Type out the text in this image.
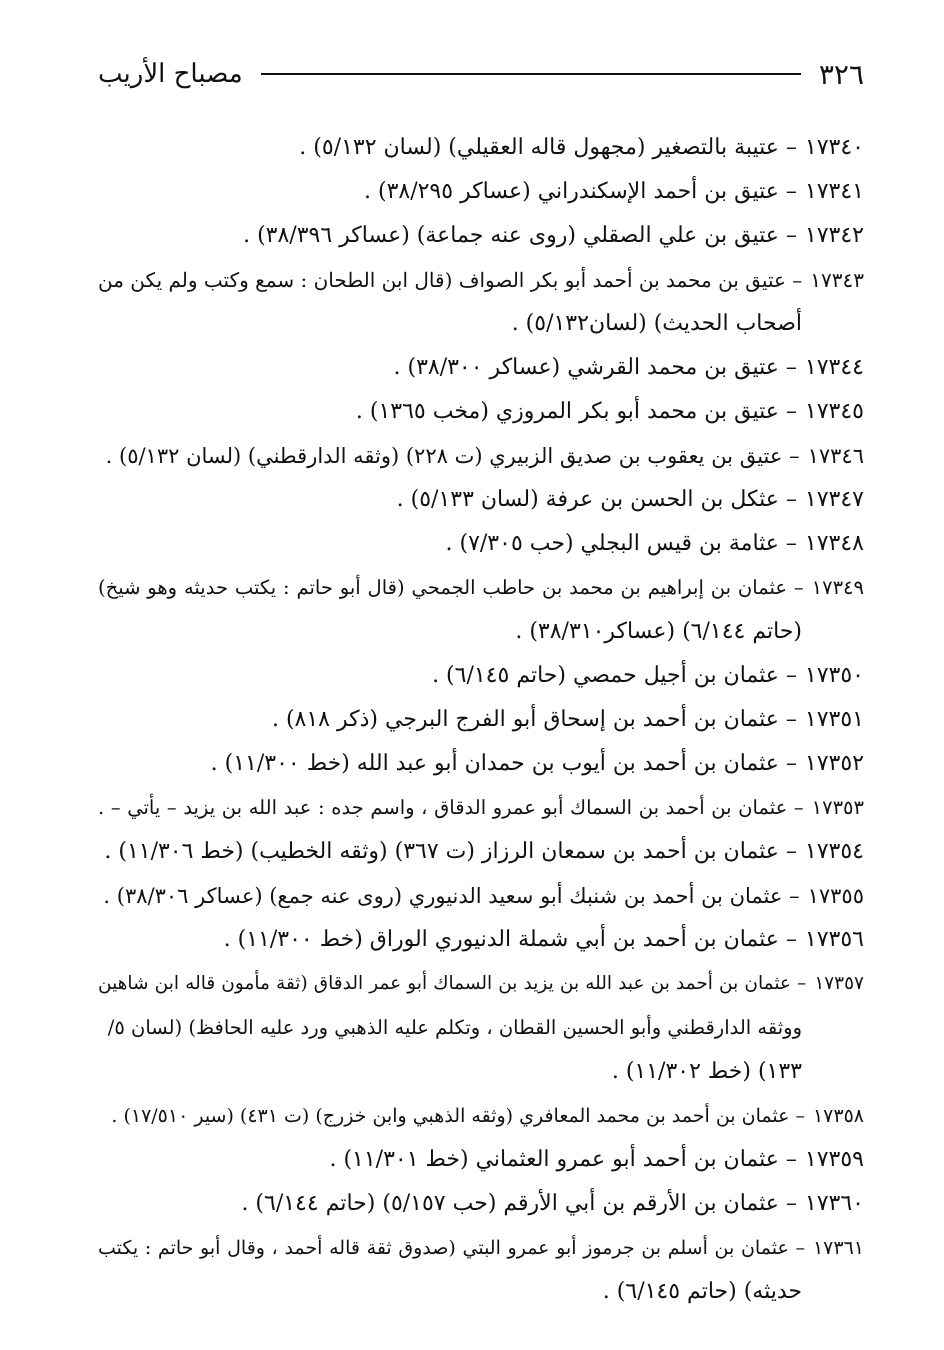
٣٢٦
مصباح الأريب
١٧٣٤٠– عتيبة بالتصغير (مجهول قاله العقيلي) (لسان ٥/١٣٢) .
١٧٣٤١– عتيق بن أحمد الإسكندراني (عساكر ٣٨/٢٩٥) .
١٧٣٤٢– عتيق بن علي الصقلي (روى عنه جماعة) (عساكر ٣٨/٣٩٦) .
١٧٣٤٣– عتيق بن محمد بن أحمد أبو بكر الصواف (قال ابن الطحان : سمع وكتب ولم يكن من
أصحاب الحديث) (لسان٥/١٣٢) .
١٧٣٤٤– عتيق بن محمد القرشي (عساكر ٣٨/٣٠٠) .
١٧٣٤٥– عتيق بن محمد أبو بكر المروزي (مخب ١٣٦٥) .
١٧٣٤٦– عتيق بن يعقوب بن صديق الزبيري (ت ٢٢٨) (وثقه الدارقطني) (لسان ٥/١٣٢) .
١٧٣٤٧– عثكل بن الحسن بن عرفة (لسان ٥/١٣٣) .
١٧٣٤٨– عثامة بن قيس البجلي (حب ٧/٣٠٥) .
١٧٣٤٩– عثمان بن إبراهيم بن محمد بن حاطب الجمحي (قال أبو حاتم : يكتب حديثه وهو شيخ)
(حاتم ٦/١٤٤) (عساكر٣٨/٣١٠) .
١٧٣٥٠– عثمان بن أجيل حمصي (حاتم ٦/١٤٥) .
١٧٣٥١– عثمان بن أحمد بن إسحاق أبو الفرج البرجي (ذكر ٨١٨) .
١٧٣٥٢– عثمان بن أحمد بن أيوب بن حمدان أبو عبد الله (خط ١١/٣٠٠) .
١٧٣٥٣– عثمان بن أحمد بن السماك أبو عمرو الدقاق ، واسم جده : عبد الله بن يزيد – يأتي – .
١٧٣٥٤– عثمان بن أحمد بن سمعان الرزاز (ت ٣٦٧) (وثقه الخطيب) (خط ١١/٣٠٦) .
١٧٣٥٥– عثمان بن أحمد بن شنبك أبو سعيد الدنيوري (روى عنه جمع) (عساكر ٣٨/٣٠٦) .
١٧٣٥٦– عثمان بن أحمد بن أبي شملة الدنيوري الوراق (خط ١١/٣٠٠) .
١٧٣٥٧– عثمان بن أحمد بن عبد الله بن يزيد بن السماك أبو عمر الدقاق (ثقة مأمون قاله ابن شاهين
ووثقه الدارقطني وأبو الحسين القطان ، وتكلم عليه الذهبي ورد عليه الحافظ) (لسان ٥/
١٣٣) (خط ١١/٣٠٢) .
١٧٣٥٨– عثمان بن أحمد بن محمد المعافري (وثقه الذهبي وابن خزرج) (ت ٤٣١) (سير ١٧/٥١٠) .
١٧٣٥٩– عثمان بن أحمد أبو عمرو العثماني (خط ١١/٣٠١) .
١٧٣٦٠– عثمان بن الأرقم بن أبي الأرقم (حب ٥/١٥٧) (حاتم ٦/١٤٤) .
١٧٣٦١– عثمان بن أسلم بن جرموز أبو عمرو البتي (صدوق ثقة قاله أحمد ، وقال أبو حاتم : يكتب
حديثه) (حاتم ٦/١٤٥) .
